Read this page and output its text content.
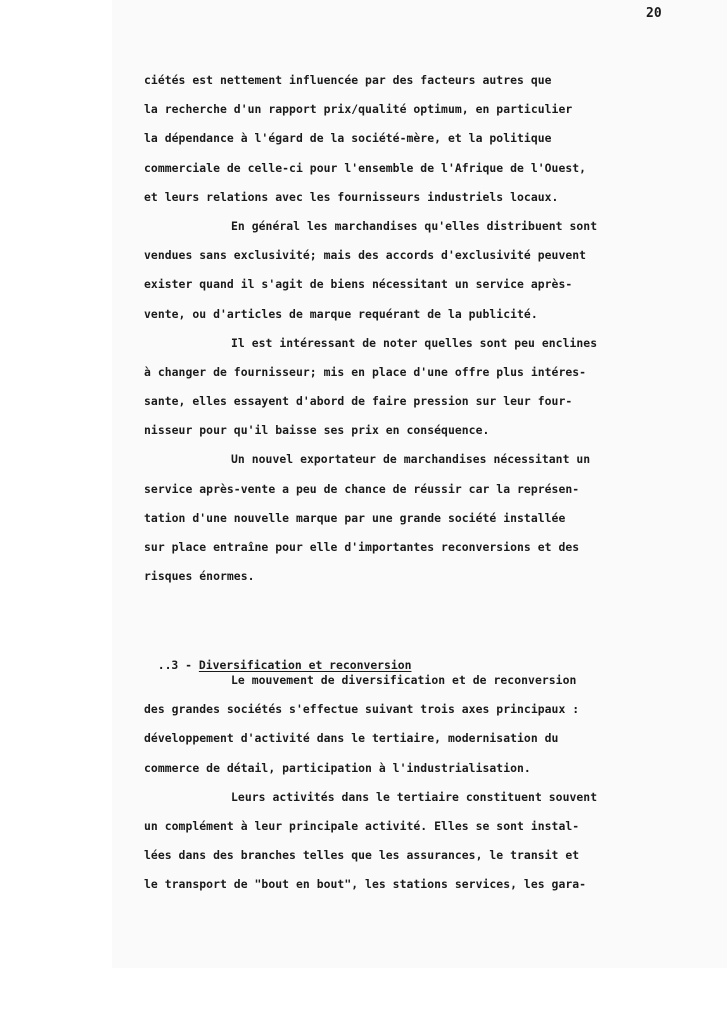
20
ciétés est nettement influencée par des facteurs autres que
la recherche d'un rapport prix/qualité optimum, en particulier
la dépendance à l'égard de la société-mère, et la politique
commerciale de celle-ci pour l'ensemble de l'Afrique de l'Ouest,
et leurs relations avec les fournisseurs industriels locaux.
En général les marchandises qu'elles distribuent sont
vendues sans exclusivité; mais des accords d'exclusivité peuvent
exister quand il s'agit de biens nécessitant un service après-
vente, ou d'articles de marque requérant de la publicité.
Il est intéressant de noter quelles sont peu enclines
à changer de fournisseur; mis en place d'une offre plus intéres-
sante, elles essayent d'abord de faire pression sur leur four-
nisseur pour qu'il baisse ses prix en conséquence.
Un nouvel exportateur de marchandises nécessitant un
service après-vente a peu de chance de réussir car la représen-
tation d'une nouvelle marque par une grande société installée
sur place entraîne pour elle d'importantes reconversions et des
risques énormes.

..3 - Diversification et reconversion

Le mouvement de diversification et de reconversion
des grandes sociétés s'effectue suivant trois axes principaux :
développement d'activité dans le tertiaire, modernisation du
commerce de détail, participation à l'industrialisation.
Leurs activités dans le tertiaire constituent souvent
un complément à leur principale activité. Elles se sont instal-
lées dans des branches telles que les assurances, le transit et
le transport de "bout en bout", les stations services, les gara-
